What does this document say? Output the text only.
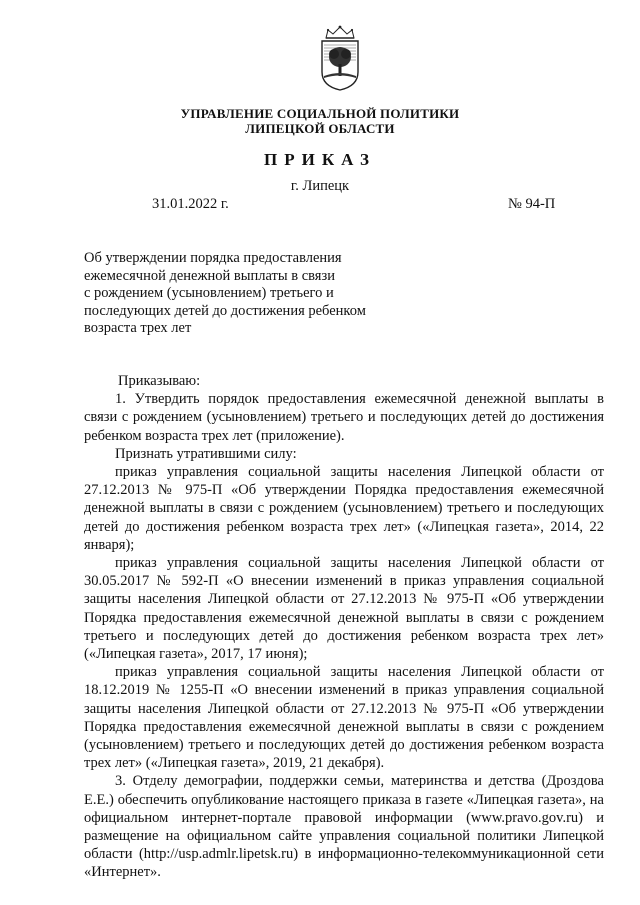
УПРАВЛЕНИЕ СОЦИАЛЬНОЙ ПОЛИТИКИ
ЛИПЕЦКОЙ ОБЛАСТИ
ПРИКАЗ
г. Липецк
31.01.2022 г.	№ 94-П
Об утверждении порядка предоставления
ежемесячной денежной выплаты в связи
с рождением (усыновлением) третьего и
последующих детей до достижения ребенком
возраста трех лет

Приказываю:

1. Утвердить порядок предоставления ежемесячной денежной выплаты в связи с рождением (усыновлением) третьего и последующих детей до достижения ребенком возраста трех лет (приложение).

Признать утратившими силу:

приказ управления социальной защиты населения Липецкой области от 27.12.2013 № 975-П «Об утверждении Порядка предоставления ежемесячной денежной выплаты в связи с рождением (усыновлением) третьего и последующих детей до достижения ребенком возраста трех лет» («Липецкая газета», 2014, 22 января);

приказ управления социальной защиты населения Липецкой области от 30.05.2017 № 592-П «О внесении изменений в приказ управления социальной защиты населения Липецкой области от 27.12.2013 № 975-П «Об утверждении Порядка предоставления ежемесячной денежной выплаты в связи с рождением третьего и последующих детей до достижения ребенком возраста трех лет» («Липецкая газета», 2017, 17 июня);

приказ управления социальной защиты населения Липецкой области от 18.12.2019 № 1255-П «О внесении изменений в приказ управления социальной защиты населения Липецкой области от 27.12.2013 № 975-П «Об утверждении Порядка предоставления ежемесячной денежной выплаты в связи с рождением (усыновлением) третьего и последующих детей до достижения ребенком возраста трех лет» («Липецкая газета», 2019, 21 декабря).

3. Отделу демографии, поддержки семьи, материнства и детства (Дроздова Е.Е.) обеспечить опубликование настоящего приказа в газете «Липецкая газета», на официальном интернет-портале правовой информации (www.pravo.gov.ru) и размещение на официальном сайте управления социальной политики Липецкой области (http://usp.admlr.lipetsk.ru) в информационно-телекоммуникационной сети «Интернет».
